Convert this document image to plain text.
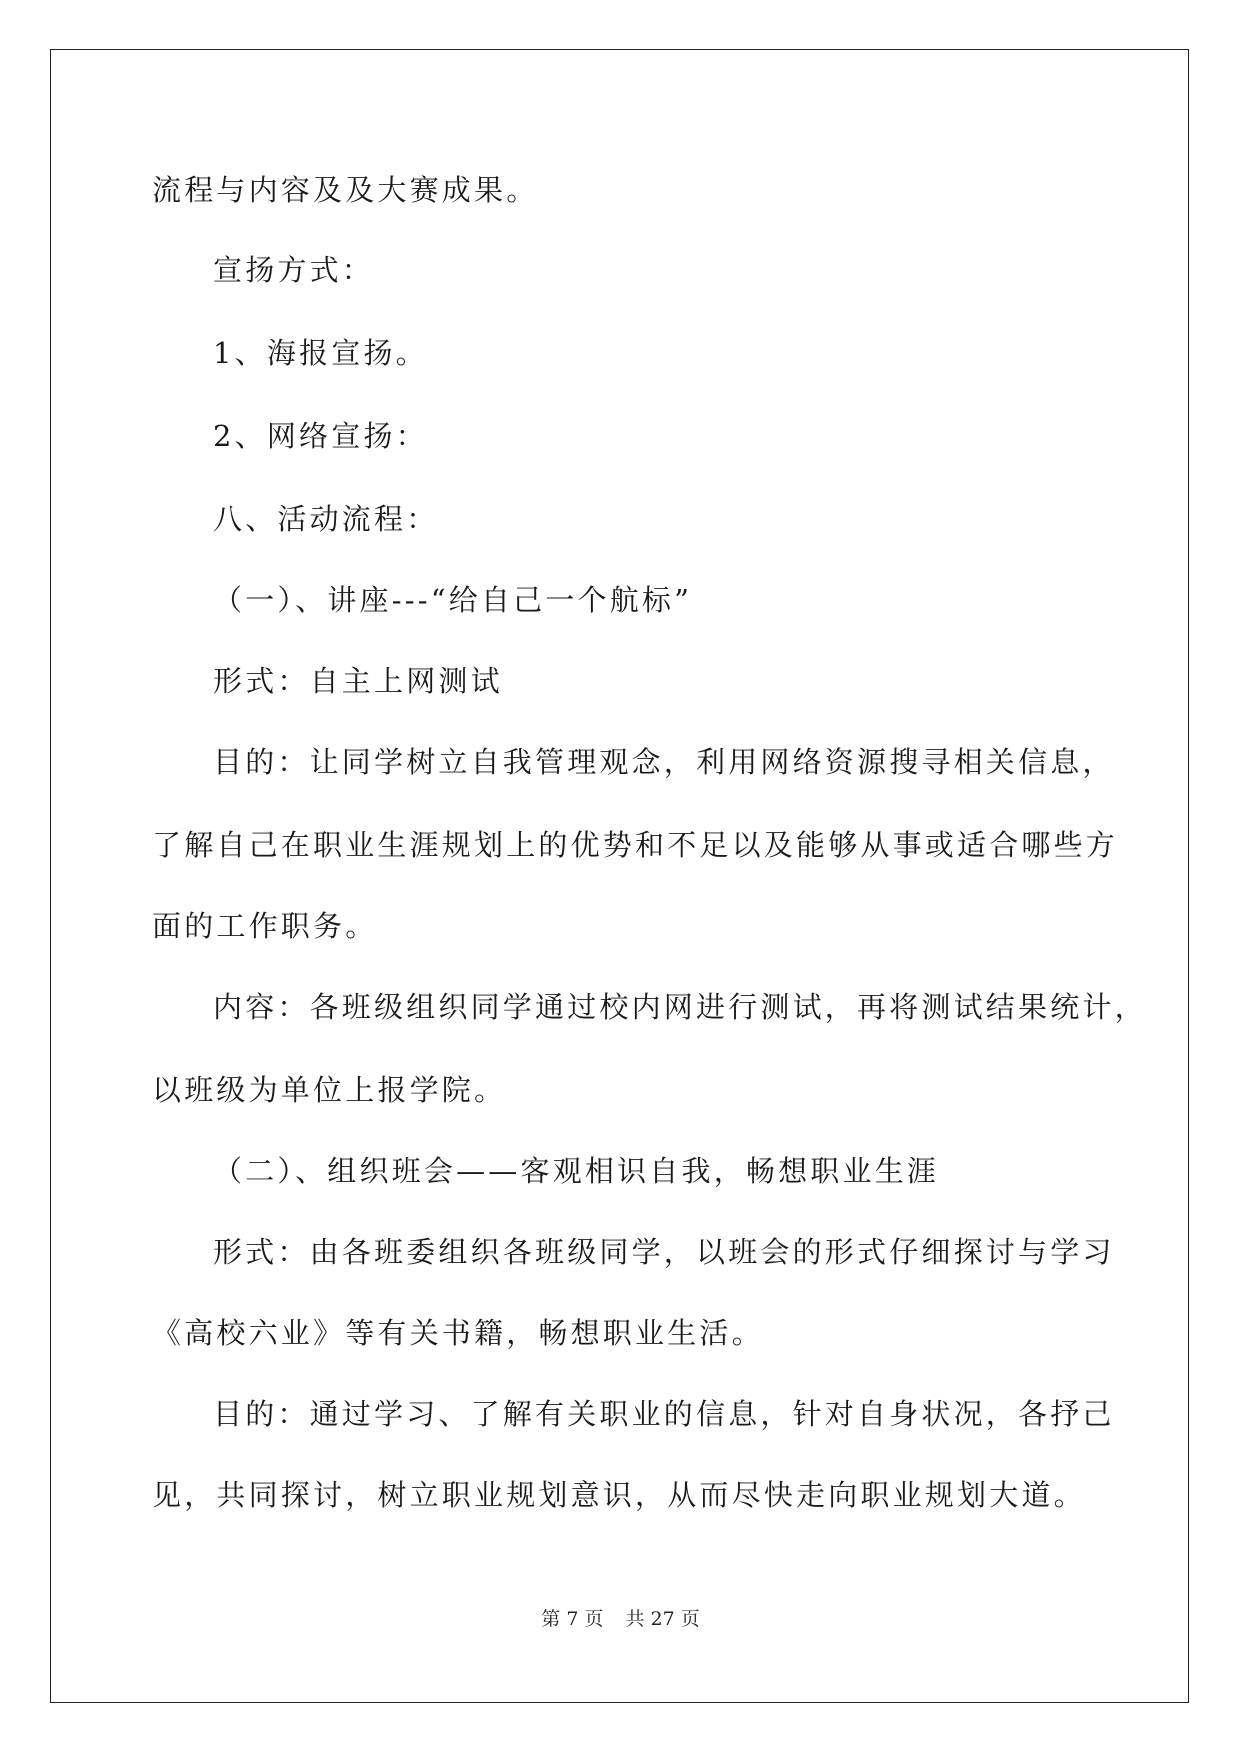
流程与内容及及大赛成果。
宣扬方式：
1、海报宣扬。
2、网络宣扬：
八、活动流程：
（一）、讲座---“给自己一个航标”
形式：自主上网测试
目的：让同学树立自我管理观念，利用网络资源搜寻相关信息，
了解自己在职业生涯规划上的优势和不足以及能够从事或适合哪些方
面的工作职务。
内容：各班级组织同学通过校内网进行测试，再将测试结果统计，
以班级为单位上报学院。
（二）、组织班会——客观相识自我，畅想职业生涯
形式：由各班委组织各班级同学，以班会的形式仔细探讨与学习
《高校六业》等有关书籍，畅想职业生活。
目的：通过学习、了解有关职业的信息，针对自身状况，各抒己
见，共同探讨，树立职业规划意识，从而尽快走向职业规划大道。
第 7 页 共 27 页
